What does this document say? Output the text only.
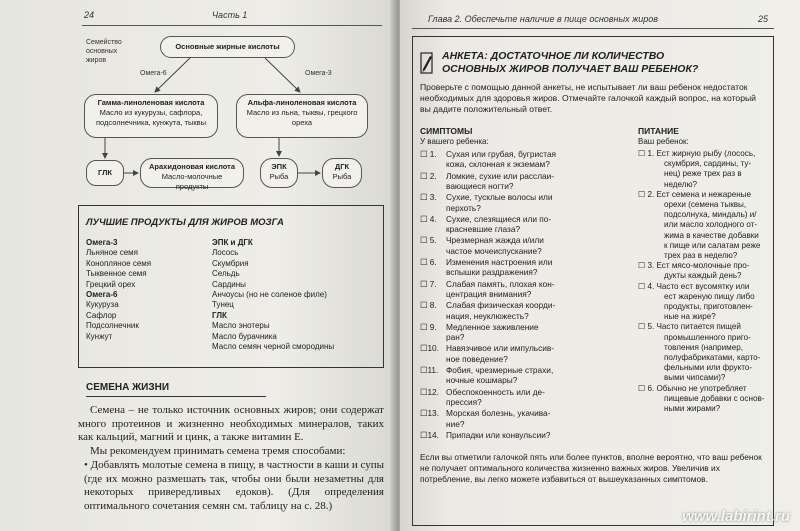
24	Часть 1
Семейство основных жиров
Основные жирные кислоты
Омега-6	Омега-3
Гамма-линоленовая кислота
Масло из кукурузы, сафлора, подсолнечника, кунжута, тыквы
Альфа-линоленовая кислота
Масло из льна, тыквы, грецкого ореха
ГЛК
Арахидоновая кислота
Масло-молочные продукты
ЭПК
Рыба
ДГК
Рыба
ЛУЧШИЕ ПРОДУКТЫ ДЛЯ ЖИРОВ МОЗГА
Омега-3
Льняное семя
Конопляное семя
Тыквенное семя
Грецкий орех
Омега-6
Кукуруза
Сафлор
Подсолнечник
Кунжут
ЭПК и ДГК
Лосось
Скумбрия
Сельдь
Сардины
Анчоусы (но не соленое филе)
Тунец
ГЛК
Масло энотеры
Масло бурачника
Масло семян черной смородины
СЕМЕНА ЖИЗНИ
Семена – не только источник основных жиров; они содержат много протеинов и жизненно необходимых минералов, таких как кальций, магний и цинк, а также витамин Е.
Мы рекомендуем принимать семена тремя способами:
• Добавлять молотые семена в пищу, в частности в каши и супы (где их можно размешать так, чтобы они были незаметны для некоторых привередливых едоков). (Для определения оптимального сочетания семян см. таблицу на с. 28.)
Глава 2. Обеспечьте наличие в пище основных жиров	25
АНКЕТА: ДОСТАТОЧНОЕ ЛИ КОЛИЧЕСТВО
ОСНОВНЫХ ЖИРОВ ПОЛУЧАЕТ ВАШ РЕБЕНОК?
Проверьте с помощью данной анкеты, не испытывает ли ваш ребенок недостаток необходимых для здоровья жиров. Отмечайте галочкой каждый вопрос, на который вы дадите положительный ответ.
СИМПТОМЫ
У вашего ребенка:
ПИТАНИЕ
Ваш ребенок:
☐ 1. Сухая или грубая, бугристая
кожа, склонная к экземам?
☐ 2. Ломкие, сухие или расслаи-
вающиеся ногти?
☐ 3. Сухие, тусклые волосы или
перхоть?
☐ 4. Сухие, слезящиеся или по-
красневшие глаза?
☐ 5. Чрезмерная жажда и/или
частое мочеиспускание?
☐ 6. Изменения настроения или
вспышки раздражения?
☐ 7. Слабая память, плохая кон-
центрация внимания?
☐ 8. Слабая физическая коорди-
нация, неуклюжесть?
☐ 9. Медленное заживление
ран?
☐10. Навязчивое или импульсив-
ное поведение?
☐11. Фобия, чрезмерные страхи,
ночные кошмары?
☐12. Обеспокоенность или де-
прессия?
☐13. Морская болезнь, укачива-
ние?
☐14. Припадки или конвульсии?
☐ 1. Ест жирную рыбу (лосось,
скумбрия, сардины, ту-
нец) реже трех раз в
неделю?
☐ 2. Ест семена и нежареные
орехи (семена тыквы,
подсолнуха, миндаль) и/
или масло холодного от-
жима в качестве добавки
к пище или салатам реже
трех раз в неделю?
☐ 3. Ест мясо-молочные про-
дукты каждый день?
☐ 4. Часто ест вусомятку или
ест жареную пищу либо
продукты, приготовлен-
ные на жире?
☐ 5. Часто питается пищей
промышленного приго-
товления (например,
полуфабрикатами, карто-
фельными или фрукто-
выми чипсами)?
☐ 6. Обычно не употребляет
пищевые добавки с основ-
ными жирами?
Если вы отметили галочкой пять или более пунктов, вполне вероятно, что ваш ребенок не получает оптимального количества жизненно важных жиров. Увеличив их потребление, вы легко можете избавиться от вышеуказанных симптомов.
www.labirint.ru
